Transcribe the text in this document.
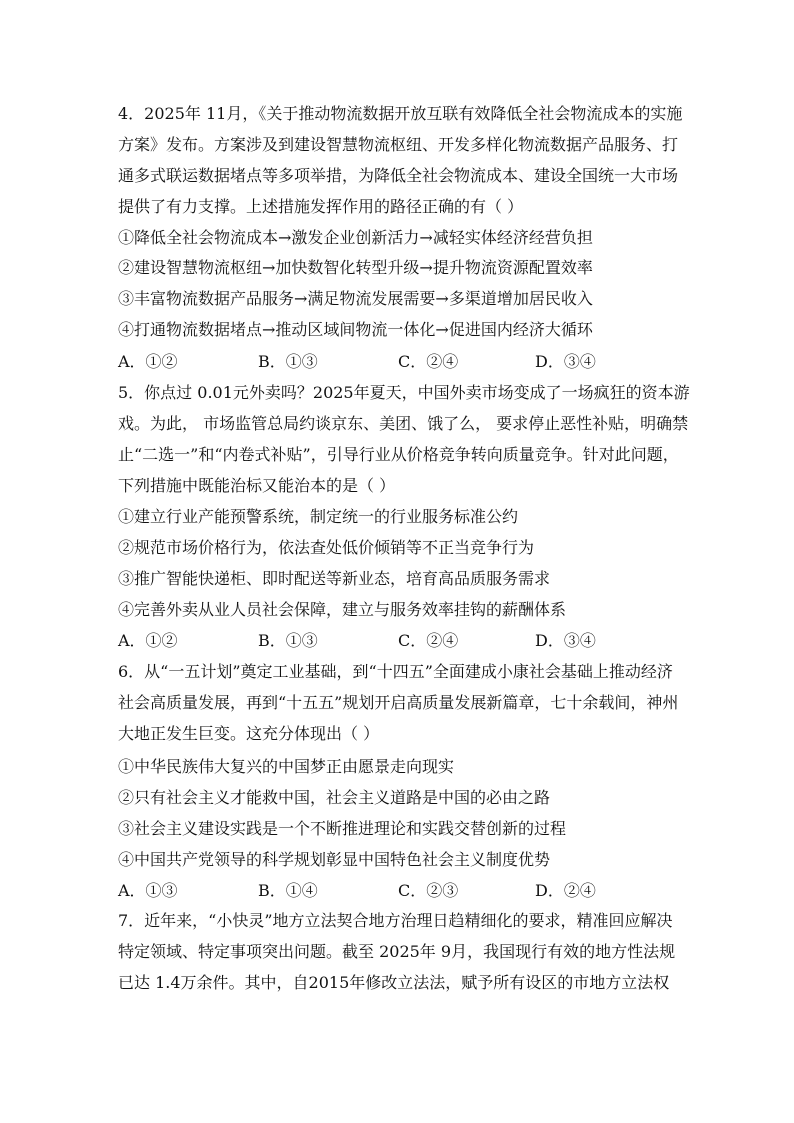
4．2025年 11月，《关于推动物流数据开放互联有效降低全社会物流成本的实施
方案》发布。方案涉及到建设智慧物流枢纽、开发多样化物流数据产品服务、打
通多式联运数据堵点等多项举措，为降低全社会物流成本、建设全国统一大市场
提供了有力支撑。上述措施发挥作用的路径正确的有（ ）
①降低全社会物流成本→激发企业创新活力→减轻实体经济经营负担
②建设智慧物流枢纽→加快数智化转型升级→提升物流资源配置效率
③丰富物流数据产品服务→满足物流发展需要→多渠道增加居民收入
④打通物流数据堵点→推动区域间物流一体化→促进国内经济大循环
A．①②	B．①③	C．②④	D．③④
5．你点过 0.01元外卖吗？2025年夏天，中国外卖市场变成了一场疯狂的资本游
戏。为此， 市场监管总局约谈京东、美团、饿了么， 要求停止恶性补贴，明确禁
止“二选一”和“内卷式补贴”，引导行业从价格竞争转向质量竞争。针对此问题，
下列措施中既能治标又能治本的是（ ）
①建立行业产能预警系统，制定统一的行业服务标准公约
②规范市场价格行为，依法查处低价倾销等不正当竞争行为
③推广智能快递柜、即时配送等新业态，培育高品质服务需求
④完善外卖从业人员社会保障，建立与服务效率挂钩的薪酬体系
A．①②	B．①③	C．②④	D．③④
6．从“一五计划”奠定工业基础，到“十四五”全面建成小康社会基础上推动经济
社会高质量发展，再到“十五五”规划开启高质量发展新篇章，七十余载间，神州
大地正发生巨变。这充分体现出（ ）
①中华民族伟大复兴的中国梦正由愿景走向现实
②只有社会主义才能救中国，社会主义道路是中国的必由之路
③社会主义建设实践是一个不断推进理论和实践交替创新的过程
④中国共产党领导的科学规划彰显中国特色社会主义制度优势
A．①③	B．①④	C．②③	D．②④
7．近年来，“小快灵”地方立法契合地方治理日趋精细化的要求，精准回应解决
特定领域、特定事项突出问题。截至 2025年 9月，我国现行有效的地方性法规
已达 1.4万余件。其中，自2015年修改立法法，赋予所有设区的市地方立法权
